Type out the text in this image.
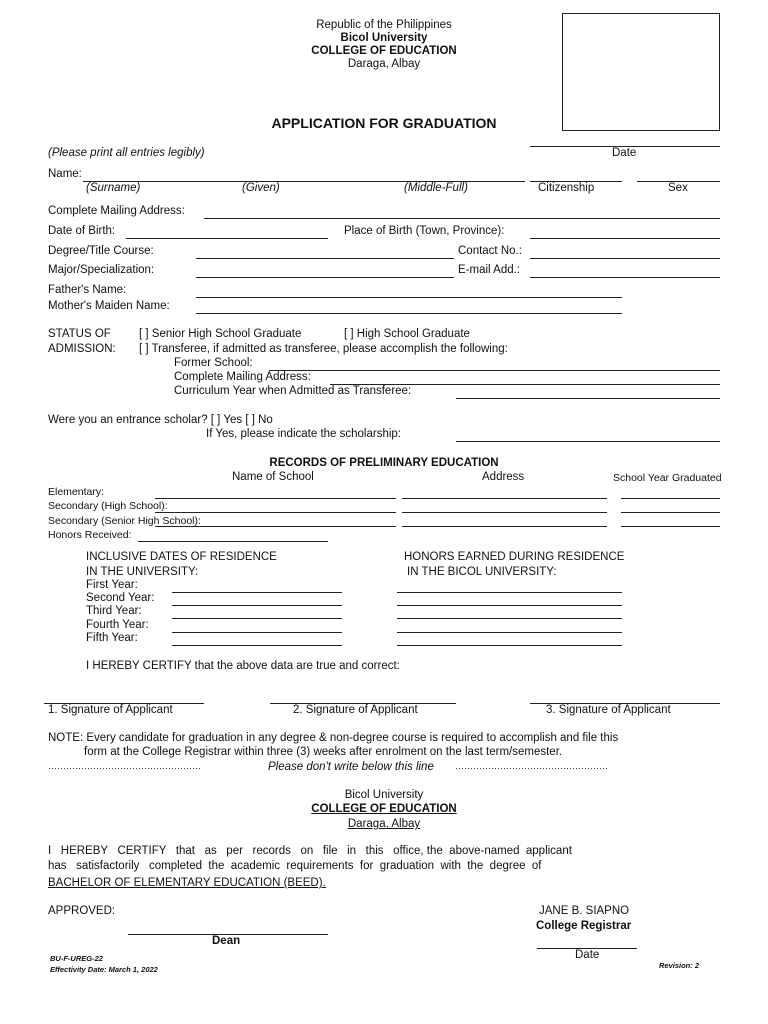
Republic of the Philippines
Bicol University
COLLEGE OF EDUCATION
Daraga, Albay
APPLICATION FOR GRADUATION
(Please print all entries legibly)	Date
Name:
(Surname)	(Given)	(Middle-Full)	Citizenship	Sex
Complete Mailing Address:
Date of Birth:	Place of Birth (Town, Province):
Degree/Title Course:	Contact No.:
Major/Specialization:	E-mail Add.:
Father's Name:
Mother's Maiden Name:
STATUS OF
ADMISSION:
[ ] Senior High School Graduate	[ ] High School Graduate
[ ] Transferee, if admitted as transferee, please accomplish the following:
Former School:
Complete Mailing Address:
Curriculum Year when Admitted as Transferee:
Were you an entrance scholar? [ ] Yes [ ] No
If Yes, please indicate the scholarship:
RECORDS OF PRELIMINARY EDUCATION
Name of School	Address	School Year Graduated
Elementary:
Secondary (High School):
Secondary (Senior High School):
Honors Received:
INCLUSIVE DATES OF RESIDENCE
IN THE UNIVERSITY:
HONORS EARNED DURING RESIDENCE
IN THE BICOL UNIVERSITY:
First Year:
Second Year:
Third Year:
Fourth Year:
Fifth Year:
I HEREBY CERTIFY that the above data are true and correct:
1. Signature of Applicant	2. Signature of Applicant	3. Signature of Applicant
NOTE: Every candidate for graduation in any degree & non-degree course is required to accomplish and file this
form at the College Registrar within three (3) weeks after enrolment on the last term/semester.
……………………………………………	Please don't write below this line ……………………………………………
Bicol University
COLLEGE OF EDUCATION
Daraga, Albay
I   HEREBY   CERTIFY   that   as   per   records   on   file   in   this   office, the  above-named  applicant
has   satisfactorily   completed  the  academic  requirements  for  graduation  with  the  degree  of
BACHELOR OF ELEMENTARY EDUCATION (BEED).
APPROVED:	JANE B. SIAPNO
College Registrar
Dean
Date
BU-F-UREG-22
Effectivity Date: March 1, 2022	Revision: 2
